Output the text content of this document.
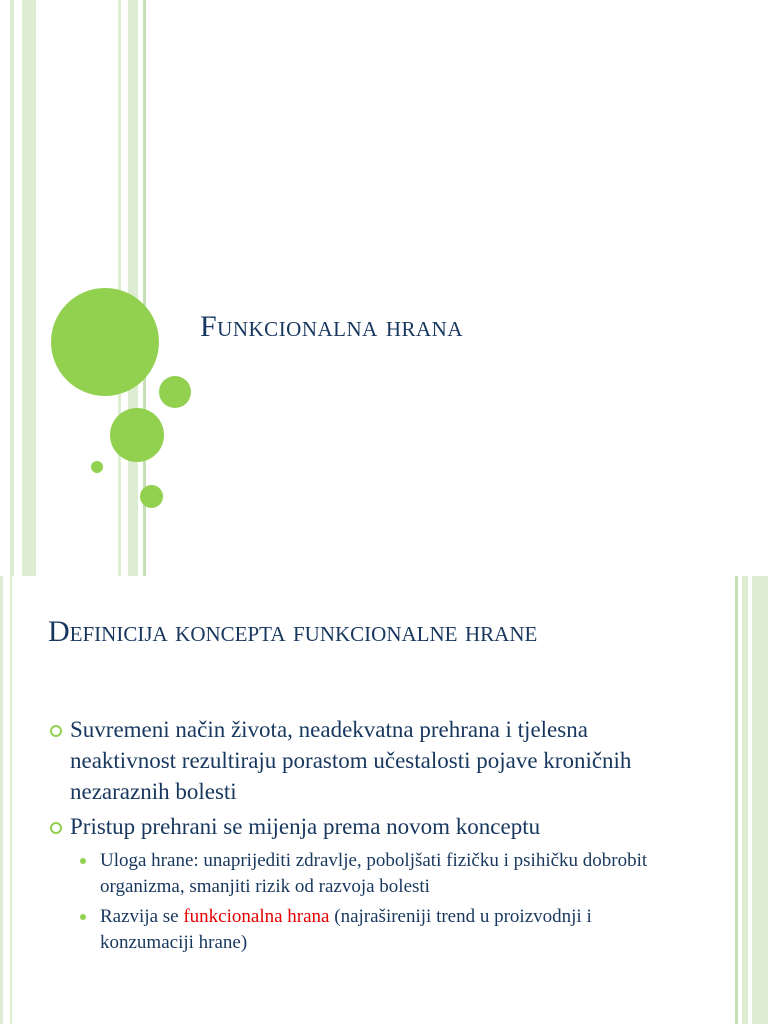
Funkcionalna hrana
Definicija koncepta funkcionalne hrane
Suvremeni način života, neadekvatna prehrana i tjelesna neaktivnost rezultiraju porastom učestalosti pojave kroničnih nezaraznih bolesti
Pristup prehrani se mijenja prema novom konceptu
Uloga hrane: unaprijediti zdravlje, poboljšati fizičku i psihičku dobrobit organizma, smanjiti rizik od razvoja bolesti
Razvija se funkcionalna hrana (najrašireniji trend u proizvodnji i konzumaciji hrane)
